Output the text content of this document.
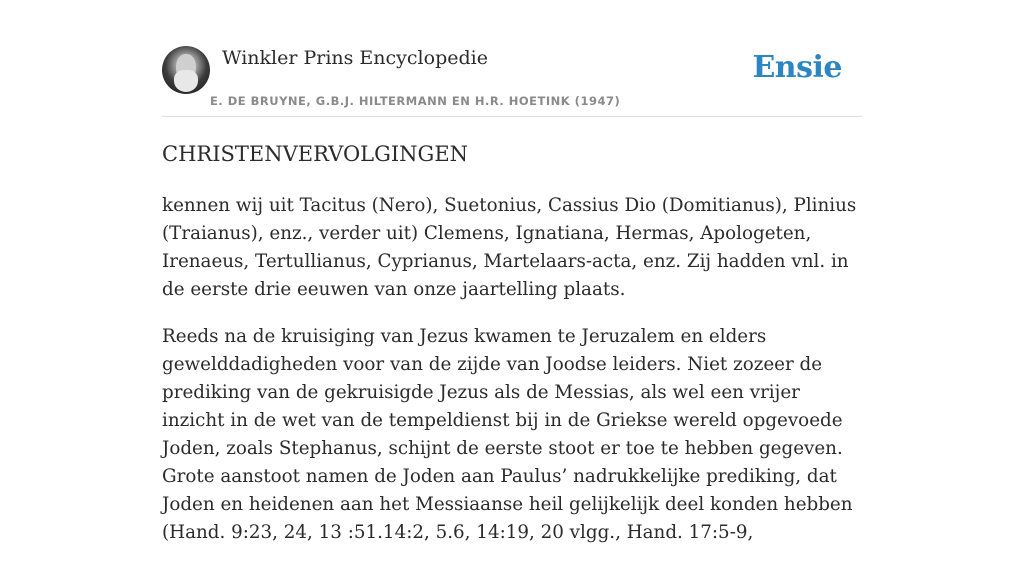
Winkler Prins Encyclopedie
E. DE BRUYNE, G.B.J. HILTERMANN EN H.R. HOETINK (1947)
Ensie
CHRISTENVERVOLGINGEN

kennen wij uit Tacitus (Nero), Suetonius, Cassius Dio (Domitianus), Plinius (Traianus), enz., verder uit) Clemens, Ignatiana, Hermas, Apologeten, Irenaeus, Tertullianus, Cyprianus, Martelaars-acta, enz. Zij hadden vnl. in de eerste drie eeuwen van onze jaartelling plaats.

Reeds na de kruisiging van Jezus kwamen te Jeruzalem en elders gewelddadigheden voor van de zijde van Joodse leiders. Niet zozeer de prediking van de gekruisigde Jezus als de Messias, als wel een vrijer inzicht in de wet van de tempeldienst bij in de Griekse wereld opgevoede Joden, zoals Stephanus, schijnt de eerste stoot er toe te hebben gegeven. Grote aanstoot namen de Joden aan Paulus’ nadrukkelijke prediking, dat Joden en heidenen aan het Messiaanse heil gelijkelijk deel konden hebben (Hand. 9:23, 24, 13 :51.14:2, 5.6, 14:19, 20 vlgg., Hand. 17:5-9,
